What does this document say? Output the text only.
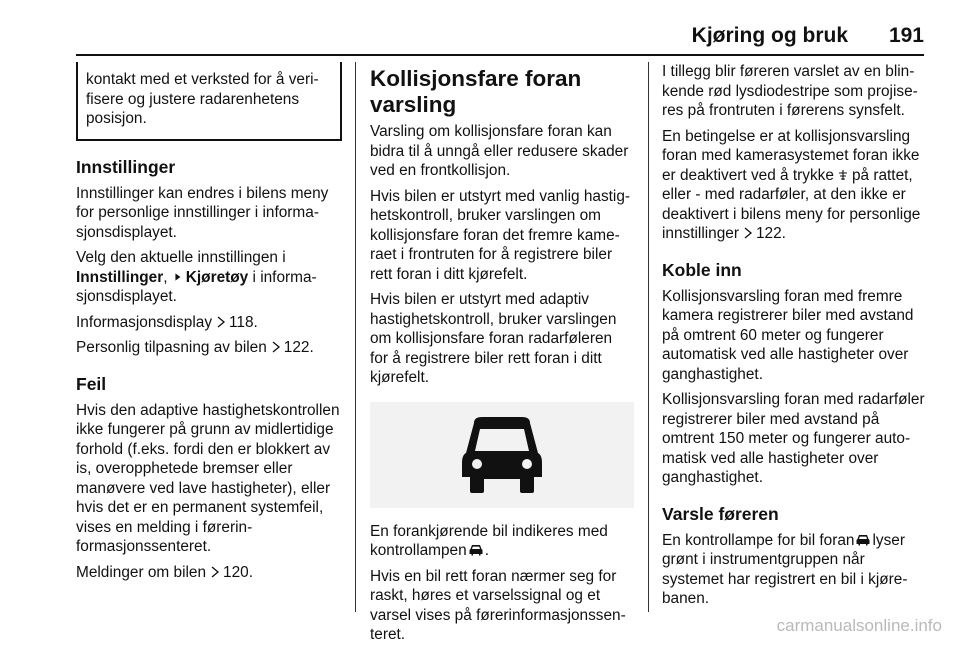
Kjøring og bruk 191

kontakt med et verksted for å verifisere og justere radarenhetens posisjon.

Innstillinger

Innstillinger kan endres i bilens meny for personlige innstillinger i informasjonsdisplayet.

Velg den aktuelle innstillingen i
Innstillinger, Kjøretøy i informasjonsdisplayet.

Informasjonsdisplay 118.

Personlig tilpasning av bilen 122.

Feil

Hvis den adaptive hastighetskontrollen ikke fungerer på grunn av midlertidige forhold (f.eks. fordi den er blokkert av is, overopphetede bremser eller manøvere ved lave hastigheter), eller hvis det er en permanent systemfeil, vises en melding i førerinformasjonssenteret.

Meldinger om bilen 120.

Kollisjonsfare foran varsling

Varsling om kollisjonsfare foran kan bidra til å unngå eller redusere skader ved en frontkollisjon.

Hvis bilen er utstyrt med vanlig hastighetskontroll, bruker varslingen om kollisjonsfare foran det fremre kameraet i frontruten for å registrere biler rett foran i ditt kjørefelt.

Hvis bilen er utstyrt med adaptiv hastighetskontroll, bruker varslingen om kollisjonsfare foran radarføleren for å registrere biler rett foran i ditt kjørefelt.

En forankjørende bil indikeres med kontrollampen .

Hvis en bil rett foran nærmer seg for raskt, høres et varselssignal og et varsel vises på førerinformasjonssenteret.

I tillegg blir føreren varslet av en blinkende rød lysdiodestripe som projiseres på frontruten i førerens synsfelt.

En betingelse er at kollisjonsvarsling foran med kamerasystemet foran ikke er deaktivert ved å trykke på rattet, eller - med radarføler, at den ikke er deaktivert i bilens meny for personlige innstillinger 122.

Koble inn

Kollisjonsvarsling foran med fremre kamera registrerer biler med avstand på omtrent 60 meter og fungerer automatisk ved alle hastigheter over ganghastighet.

Kollisjonsvarsling foran med radarføler registrerer biler med avstand på omtrent 150 meter og fungerer automatisk ved alle hastigheter over ganghastighet.

Varsle føreren

En kontrollampe for bil foran lyser grønt i instrumentgruppen når systemet har registrert en bil i kjørebanen.

carmanualsonline.info
